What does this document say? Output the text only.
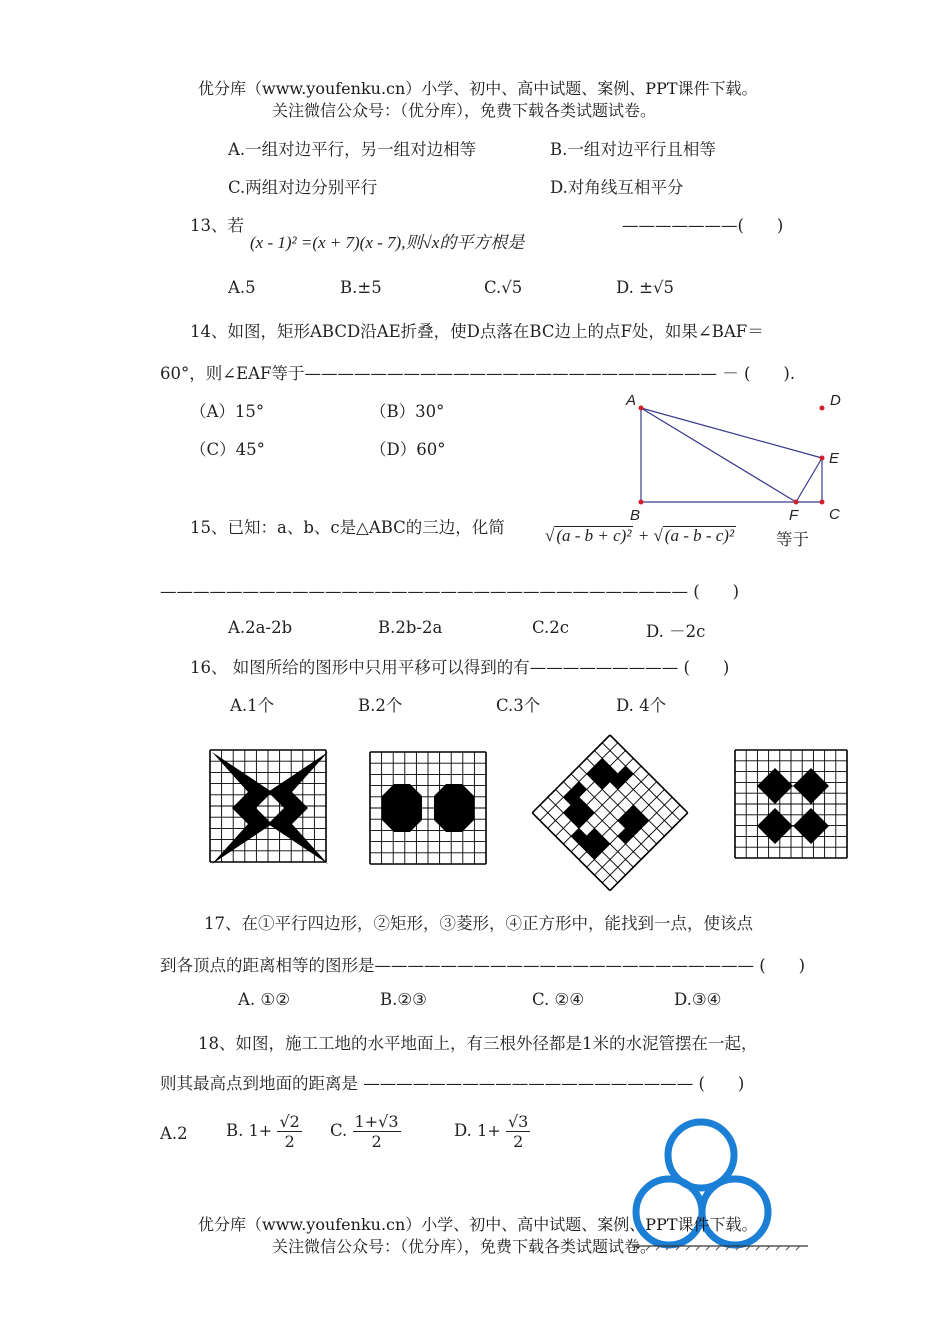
优分库（www.youfenku.cn）小学、初中、高中试题、案例、PPT课件下载。
关注微信公众号：（优分库），免费下载各类试题试卷。
A.一组对边平行，另一组对边相等	B.一组对边平行且相等
C.两组对边分别平行	D.对角线互相平分
13、若
(x - 1)² =(x + 7)(x - 7),则√x的平方根是
———————(　　)
A.5	B.±5	C.√5	D. ±√5
14、如图，矩形ABCD沿AE折叠，使D点落在BC边上的点F处，如果∠BAF＝
60°，则∠EAF等于————————————————————————— － (　　).
（A）15°	（B）30°
（C）45°	（D）60°
A	D
E
B	F C
15、已知：a、b、c是△ABC的三边，化简 √ (a - b + c)² + √ (a - b - c)²	等于
———————————————————————————————— (　　)
A.2a-2b	B.2b-2a	C.2c	D. －2c
16、 如图所给的图形中只用平移可以得到的有————————— (　　)
A.1个	B.2个	C.3个	D. 4个
17、在①平行四边形，②矩形，③菱形，④正方形中，能找到一点，使该点
到各顶点的距离相等的图形是——————————————————————— (　　)
A. ①②	B.②③	C. ②④	D.③④
18、如图，施工工地的水平地面上，有三根外径都是1米的水泥管摆在一起，
则其最高点到地面的距离是 ———————————————————— (　　)
A.2 B. $1+ \frac{√2}{2} C$. $\frac{1+√3}{2}$	D. $1+ \frac{√3}{2}$
优分库（www.youfenku.cn）小学、初中、高中试题、案例、PPT课件下载。
关注微信公众号：（优分库），免费下载各类试题试卷。
